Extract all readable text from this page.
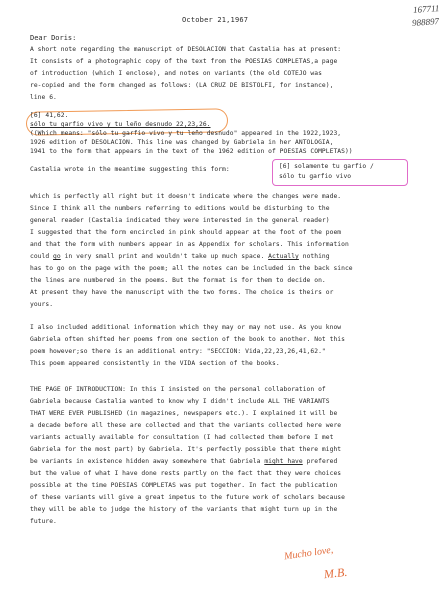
167711
988897
October 21,1967
Dear Doris:
A short note regarding the manuscript of DESOLACION that Castalia has at present:
It consists of a photographic copy of the text from the POESIAS COMPLETAS,a page
of introduction (which I enclose), and notes on variants (the old COTEJO was
re-copied and the form changed as follows: (LA CRUZ DE BISTOLFI, for instance),
line 6.
[6] 41,62.
sólo tu garfio vivo y tu leño desnudo 22,23,26.
((Which means: "sólo tu garfio vivo y tu leño desnudo" appeared in the 1922,1923,
1926 edition of DESOLACION. This line was changed by Gabriela in her ANTOLOGIA,
1941 to the form that appears in the text of the 1962 edition of POESIAS COMPLETAS))
Castalia wrote in the meantime suggesting this form:	[6] solamente tu garfio /
sólo tu garfio vivo
which is perfectly all right but it doesn't indicate where the changes were made.
Since I think all the numbers referring to editions would be disturbing to the
general reader (Castalia indicated they were interested in the general reader)
I suggested that the form encircled in pink should appear at the foot of the poem
and that the form with numbers appear in as Appendix for scholars. This information
could go in very small print and wouldn't take up much space. Actually nothing
has to go on the page with the poem; all the notes can be included in the back since
the lines are numbered in the poems. But the format is for them to decide on.
At present they have the manuscript with the two forms. The choice is theirs or
yours.
I also included additional information which they may or may not use. As you know
Gabriela often shifted her poems from one section of the book to another. Not this
poem however;so there is an additional entry: "SECCION: Vida,22,23,26,41,62."
This poem appeared consistently in the VIDA section of the books.
THE PAGE OF INTRODUCTION: In this I insisted on the personal collaboration of
Gabriela because Castalia wanted to know why I didn't include ALL THE VARIANTS
THAT WERE EVER PUBLISHED (in magazines, newspapers etc.). I explained it will be
a decade before all these are collected and that the variants collected here were
variants actually available for consultation (I had collected them before I met
Gabriela for the most part) by Gabriela. It's perfectly possible that there might
be variants in existence hidden away somewhere that Gabriela might have prefered
but the value of what I have done rests partly on the fact that they were choices
possible at the time POESIAS COMPLETAS was put together. In fact the publication
of these variants will give a great impetus to the future work of scholars because
they will be able to judge the history of the variants that might turn up in the
future.
Mucho love,
M.B.
